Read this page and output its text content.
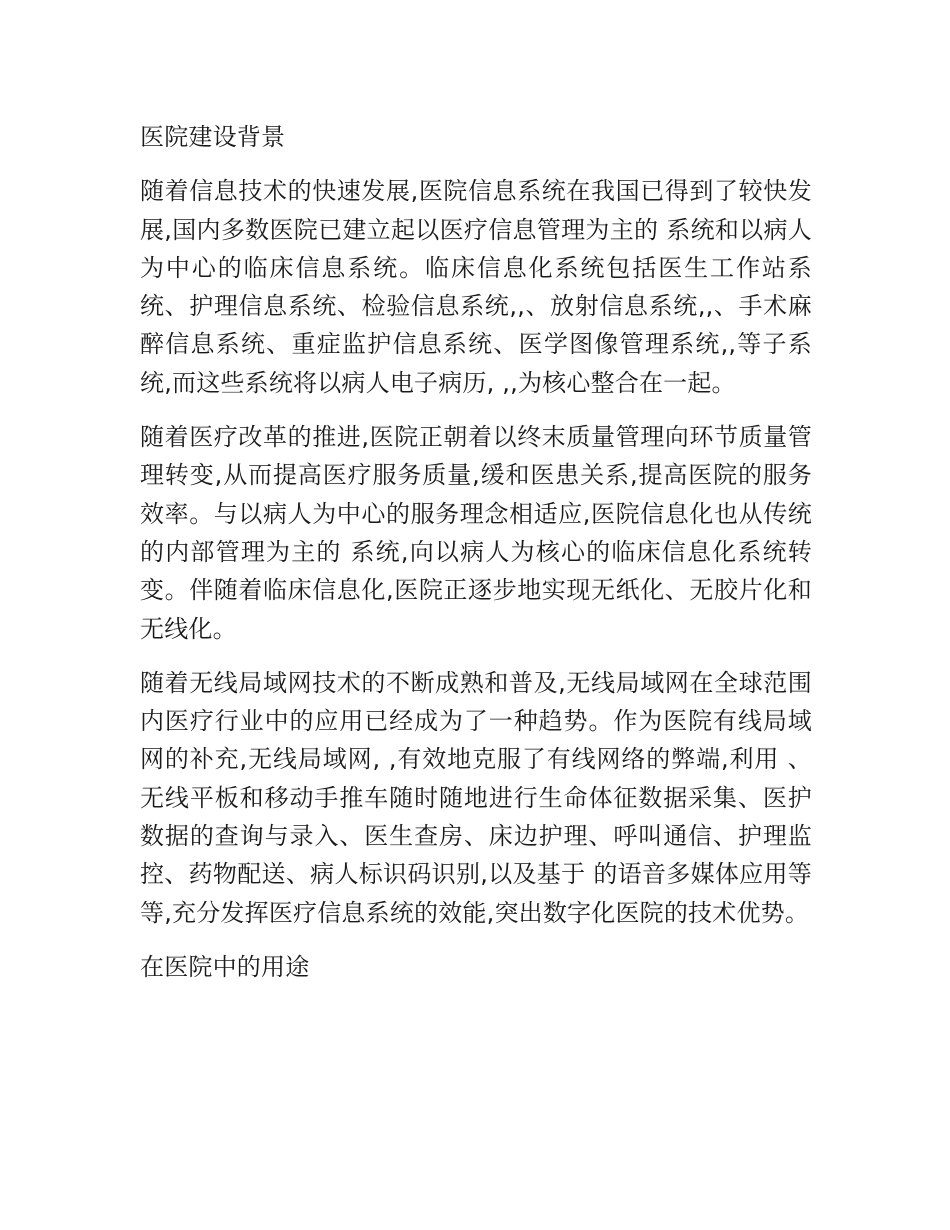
医院建设背景

随着信息技术的快速发展,医院信息系统在我国已得到了较快发展,国内多数医院已建立起以医疗信息管理为主的 系统和以病人为中心的临床信息系统。临床信息化系统包括医生工作站系统、护理信息系统、检验信息系统,,、放射信息系统,,、手术麻醉信息系统、重症监护信息系统、医学图像管理系统,,等子系统,而这些系统将以病人电子病历, ,,为核心整合在一起。

随着医疗改革的推进,医院正朝着以终末质量管理向环节质量管理转变,从而提高医疗服务质量,缓和医患关系,提高医院的服务效率。与以病人为中心的服务理念相适应,医院信息化也从传统的内部管理为主的 系统,向以病人为核心的临床信息化系统转变。伴随着临床信息化,医院正逐步地实现无纸化、无胶片化和无线化。

随着无线局域网技术的不断成熟和普及,无线局域网在全球范围内医疗行业中的应用已经成为了一种趋势。作为医院有线局域网的补充,无线局域网, ,有效地克服了有线网络的弊端,利用 、无线平板和移动手推车随时随地进行生命体征数据采集、医护数据的查询与录入、医生查房、床边护理、呼叫通信、护理监控、药物配送、病人标识码识别,以及基于 的语音多媒体应用等等,充分发挥医疗信息系统的效能,突出数字化医院的技术优势。

在医院中的用途
